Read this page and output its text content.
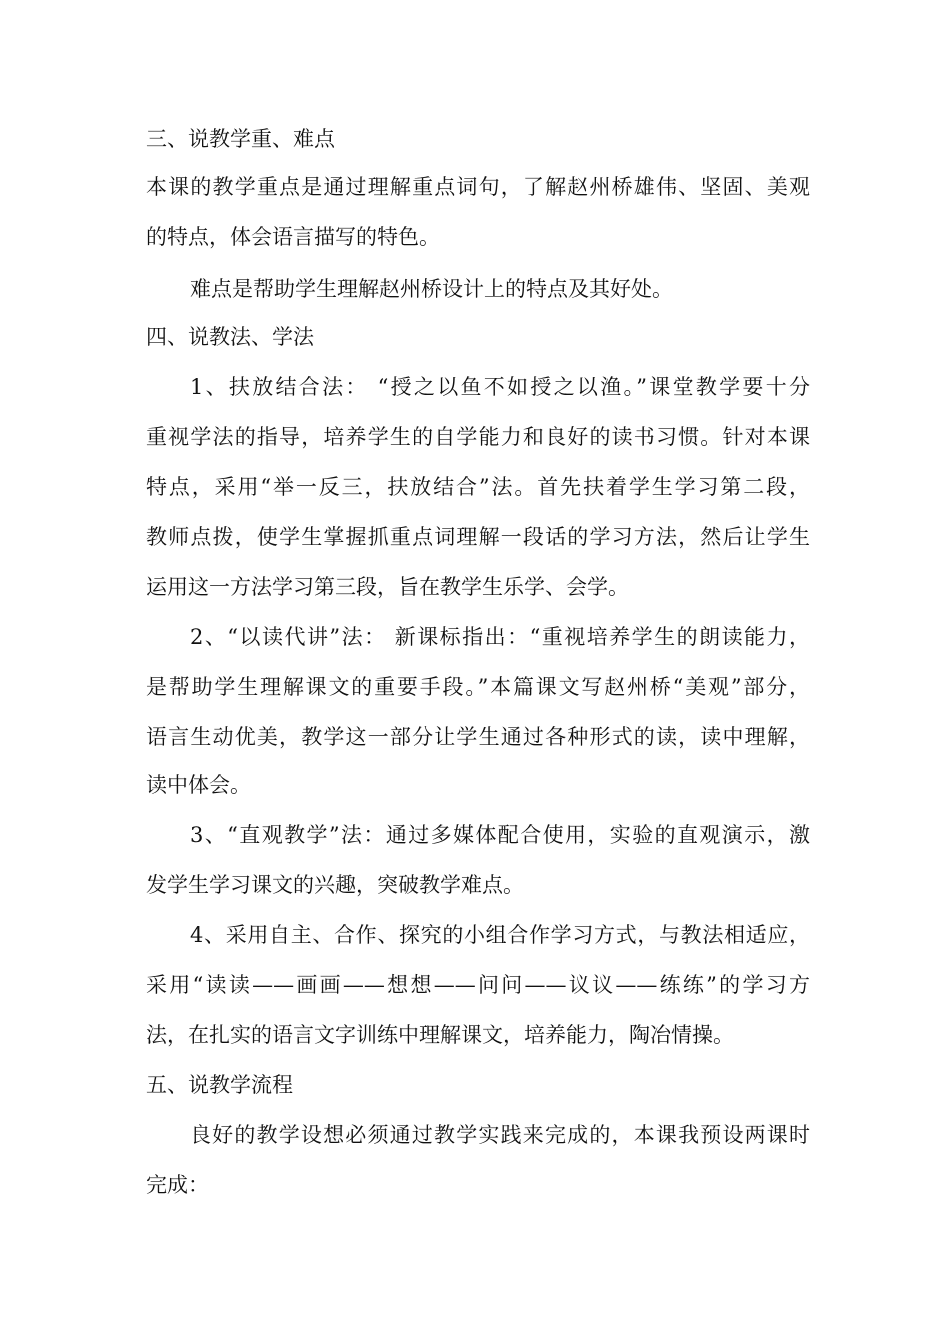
三、说教学重、难点
本课的教学重点是通过理解重点词句，了解赵州桥雄伟、坚固、美观
的特点，体会语言描写的特色。
难点是帮助学生理解赵州桥设计上的特点及其好处。
四、说教法、学法
1、扶放结合法： “授之以鱼不如授之以渔。”课堂教学要十分
重视学法的指导，培养学生的自学能力和良好的读书习惯。针对本课
特点，采用“举一反三，扶放结合”法。首先扶着学生学习第二段，
教师点拨，使学生掌握抓重点词理解一段话的学习方法，然后让学生
运用这一方法学习第三段，旨在教学生乐学、会学。
2、“以读代讲”法： 新课标指出：“重视培养学生的朗读能力，
是帮助学生理解课文的重要手段。”本篇课文写赵州桥“美观”部分，
语言生动优美，教学这一部分让学生通过各种形式的读，读中理解，
读中体会。
3、“直观教学”法：通过多媒体配合使用，实验的直观演示，激
发学生学习课文的兴趣，突破教学难点。
4、采用自主、合作、探究的小组合作学习方式，与教法相适应，
采用“读读——画画——想想——问问——议议——练练”的学习方
法，在扎实的语言文字训练中理解课文，培养能力，陶冶情操。
五、说教学流程
良好的教学设想必须通过教学实践来完成的，本课我预设两课时
完成：
